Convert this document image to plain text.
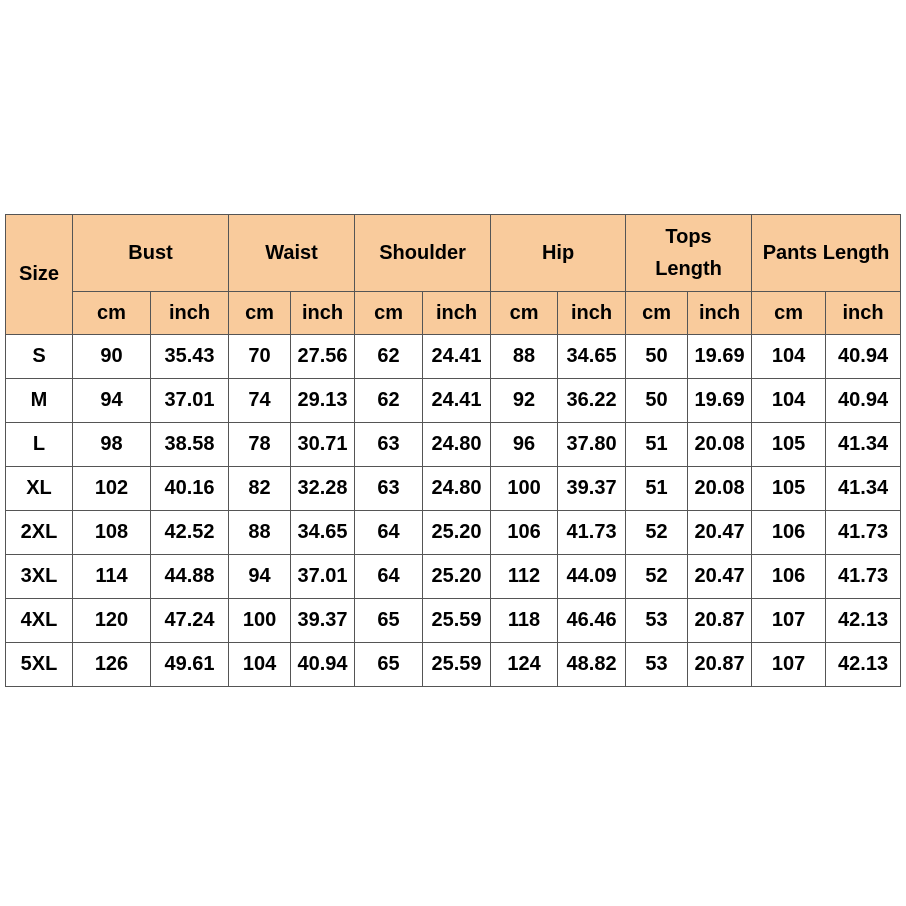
Size	Bust		Waist		Shoulder		Hip		Tops Length		Pants Length	
	cm	inch	cm	inch	cm	inch	cm	inch	cm	inch	cm	inch
S	90	35.43	70	27.56	62	24.41	88	34.65	50	19.69	104	40.94
M	94	37.01	74	29.13	62	24.41	92	36.22	50	19.69	104	40.94
L	98	38.58	78	30.71	63	24.80	96	37.80	51	20.08	105	41.34
XL	102	40.16	82	32.28	63	24.80	100	39.37	51	20.08	105	41.34
2XL	108	42.52	88	34.65	64	25.20	106	41.73	52	20.47	106	41.73
3XL	114	44.88	94	37.01	64	25.20	112	44.09	52	20.47	106	41.73
4XL	120	47.24	100	39.37	65	25.59	118	46.46	53	20.87	107	42.13
5XL	126	49.61	104	40.94	65	25.59	124	48.82	53	20.87	107	42.13
